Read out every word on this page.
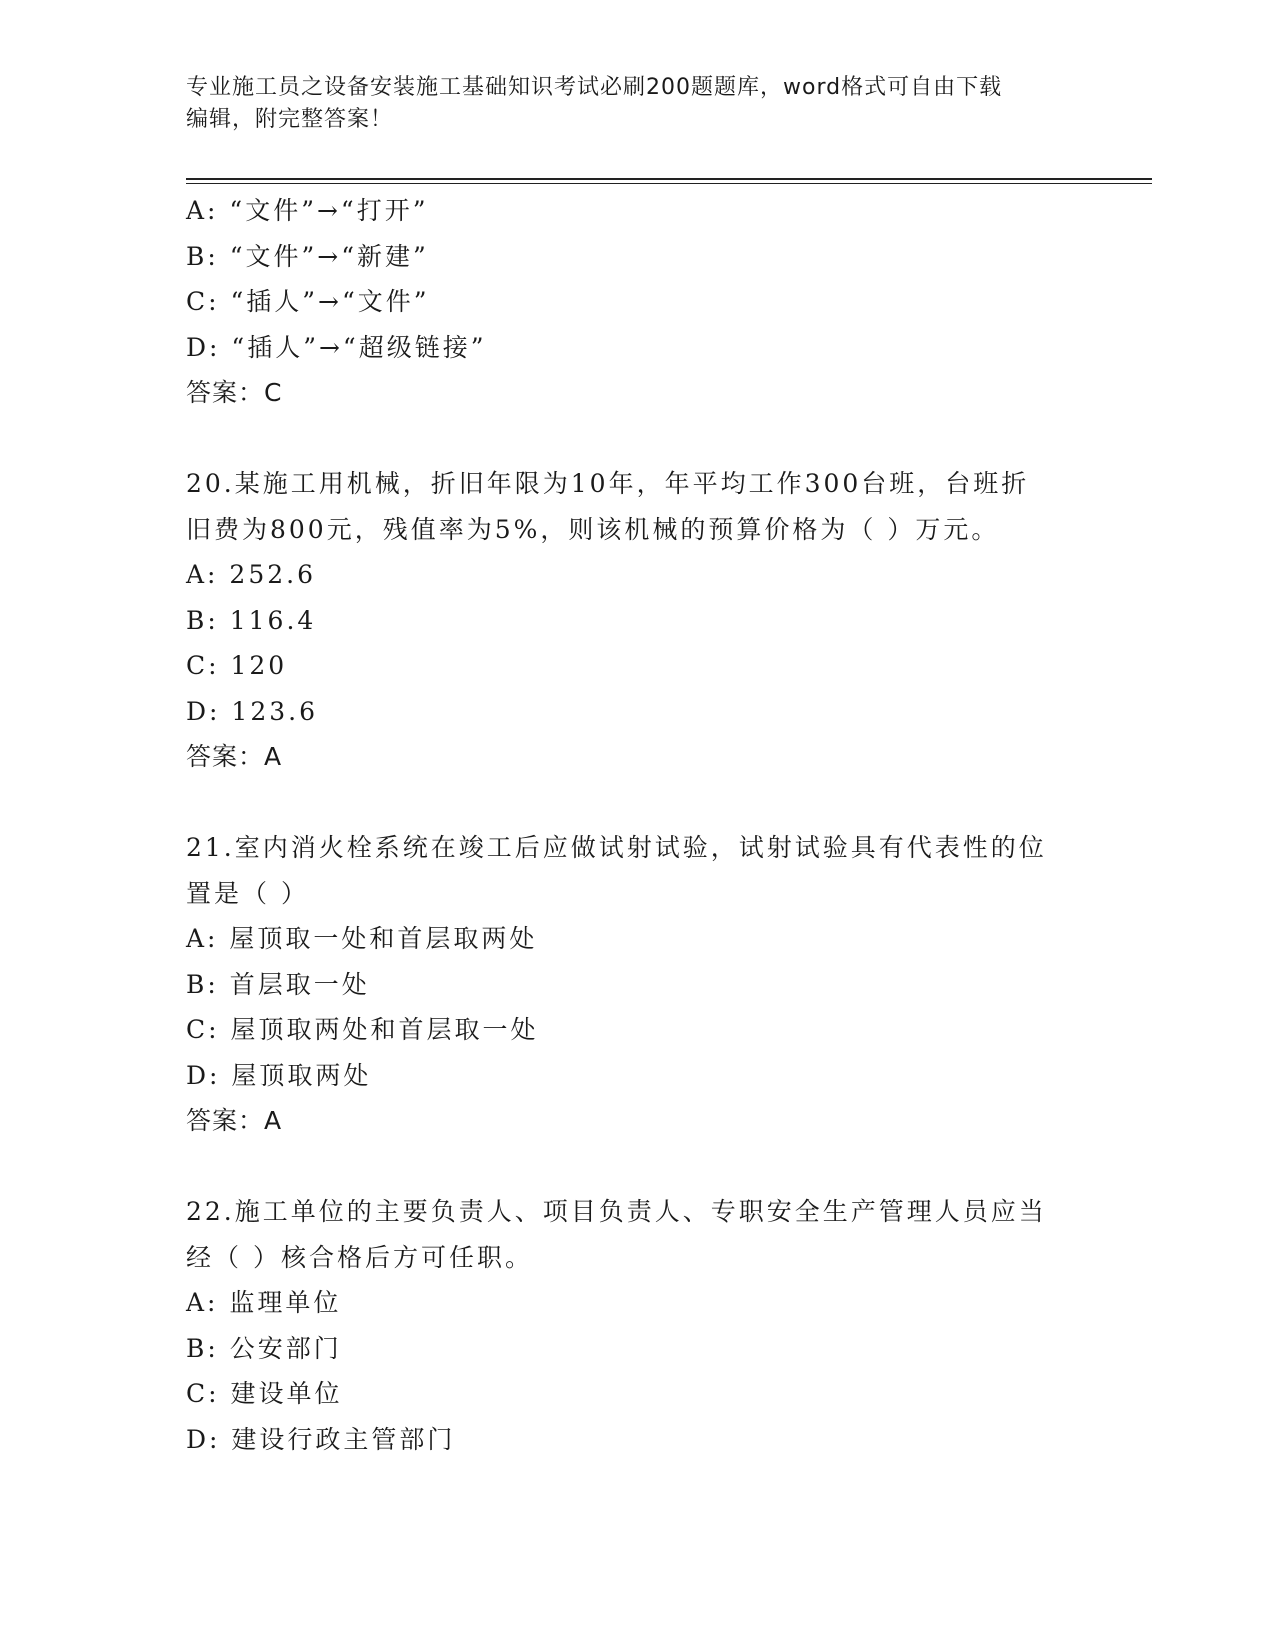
专业施工员之设备安装施工基础知识考试必刷200题题库，word格式可自由下载
编辑，附完整答案！
A: “文件”→“打开”
B: “文件”→“新建”
C: “插人”→“文件”
D: “插人”→“超级链接”
答案：C
20.某施工用机械，折旧年限为10年，年平均工作300台班，台班折
旧费为800元，残值率为5%，则该机械的预算价格为（ ）万元。
A: 252.6
B: 116.4
C: 120
D: 123.6
答案：A
21.室内消火栓系统在竣工后应做试射试验，试射试验具有代表性的位
置是（ ）
A: 屋顶取一处和首层取两处
B: 首层取一处
C: 屋顶取两处和首层取一处
D: 屋顶取两处
答案：A
22.施工单位的主要负责人、项目负责人、专职安全生产管理人员应当
经（ ）核合格后方可任职。
A: 监理单位
B: 公安部门
C: 建设单位
D: 建设行政主管部门
